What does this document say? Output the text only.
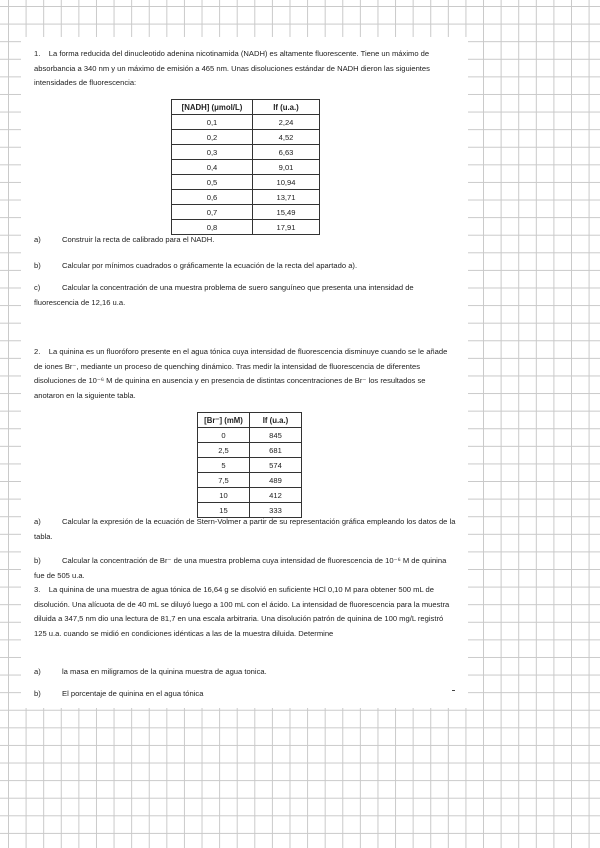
1. La forma reducida del dinucleotido adenina nicotinamida (NADH) es altamente fluorescente. Tiene un máximo de absorbancia a 340 nm y un máximo de emisión a 465 nm. Unas disoluciones estándar de NADH dieron las siguientes intensidades de fluorescencia:

[NADH] (μmol/L)	If (u.a.)
0,1	2,24
0,2	4,52
0,3	6,63
0,4	9,01
0,5	10,94
0,6	13,71
0,7	15,49
0,8	17,91

a)	Construir la recta de calibrado para el NADH.

b)	Calcular por mínimos cuadrados o gráficamente la ecuación de la recta del apartado a).

c)	Calcular la concentración de una muestra problema de suero sanguíneo que presenta una intensidad de fluorescencia de 12,16 u.a.

2. La quinina es un fluoróforo presente en el agua tónica cuya intensidad de fluorescencia disminuye cuando se le añade de iones Br⁻, mediante un proceso de quenching dinámico. Tras medir la intensidad de fluorescencia de diferentes disoluciones de 10⁻⁶ M de quinina en ausencia y en presencia de distintas concentraciones de Br⁻ los resultados se anotaron en la siguiente tabla.

[Br⁻] (mM)	If (u.a.)
0	845
2,5	681
5	574
7,5	489
10	412
15	333

a)	Calcular la expresión de la ecuación de Stern-Volmer a partir de su representación gráfica empleando los datos de la tabla.

b)	Calcular la concentración de Br⁻ de una muestra problema cuya intensidad de fluorescencia de 10⁻⁶ M de quinina fue de 505 u.a.

3. La quinina de una muestra de agua tónica de 16,64 g se disolvió en suficiente HCl 0,10 M para obtener 500 mL de disolución. Una alícuota de de 40 mL se diluyó luego a 100 mL con el ácido. La intensidad de fluorescencia para la muestra diluida a 347,5 nm dio una lectura de 81,7 en una escala arbitraria. Una disolución patrón de quinina de 100 mg/L registró 125 u.a. cuando se midió en condiciones idénticas a las de la muestra diluida. Determine

a)	la masa en miligramos de la quinina muestra de agua tonica.

b)	El porcentaje de quinina en el agua tónica
